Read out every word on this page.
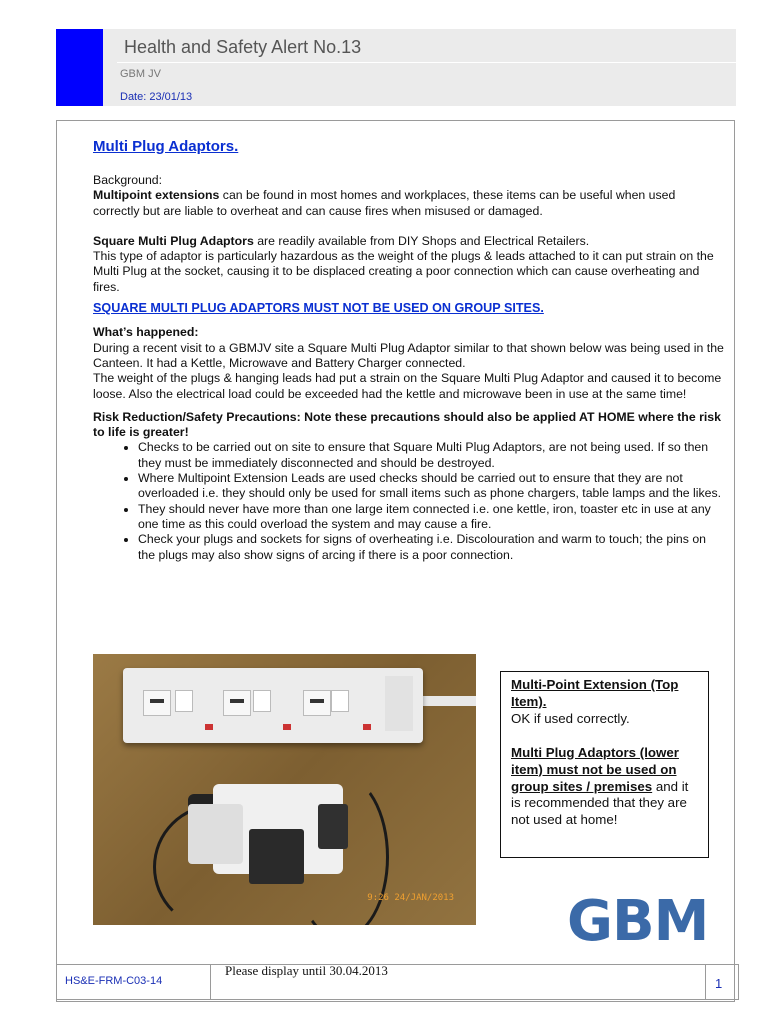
Health and Safety Alert No.13
GBM JV
Date: 23/01/13

Multi Plug Adaptors.

Background:

Multipoint extensions can be found in most homes and workplaces, these items can be useful when used correctly but are liable to overheat and can cause fires when misused or damaged.

Square Multi Plug Adaptors are readily available from DIY Shops and Electrical Retailers.

This type of adaptor is particularly hazardous as the weight of the plugs & leads attached to it can put strain on the Multi Plug at the socket, causing it to be displaced creating a poor connection which can cause overheating and fires.

SQUARE MULTI PLUG ADAPTORS MUST NOT BE USED ON GROUP SITES.

What’s happened:

During a recent visit to a GBMJV site a Square Multi Plug Adaptor similar to that shown below was being used in the Canteen. It had a Kettle, Microwave and Battery Charger connected.

The weight of the plugs & hanging leads had put a strain on the Square Multi Plug Adaptor and caused it to become loose. Also the electrical load could be exceeded had the kettle and microwave been in use at the same time!

Risk Reduction/Safety Precautions: Note these precautions should also be applied AT HOME where the risk to life is greater!

• Checks to be carried out on site to ensure that Square Multi Plug Adaptors, are not being used. If so then they must be immediately disconnected and should be destroyed.
• Where Multipoint Extension Leads are used checks should be carried out to ensure that they are not overloaded i.e. they should only be used for small items such as phone chargers, table lamps and the likes.
• They should never have more than one large item connected i.e. one kettle, iron, toaster etc in use at any one time as this could overload the system and may cause a fire.
• Check your plugs and sockets for signs of overheating i.e. Discolouration and warm to touch; the pins on the plugs may also show signs of arcing if there is a poor connection.
9:26 24/JAN/2013

Multi-Point Extension (Top Item).

OK if used correctly.

Multi Plug Adaptors (lower item) must not be used on group sites / premises and it is recommended that they are not used at home!

GBM
Please display until 30.04.2013
HS&E-FRM-C03-14	1
